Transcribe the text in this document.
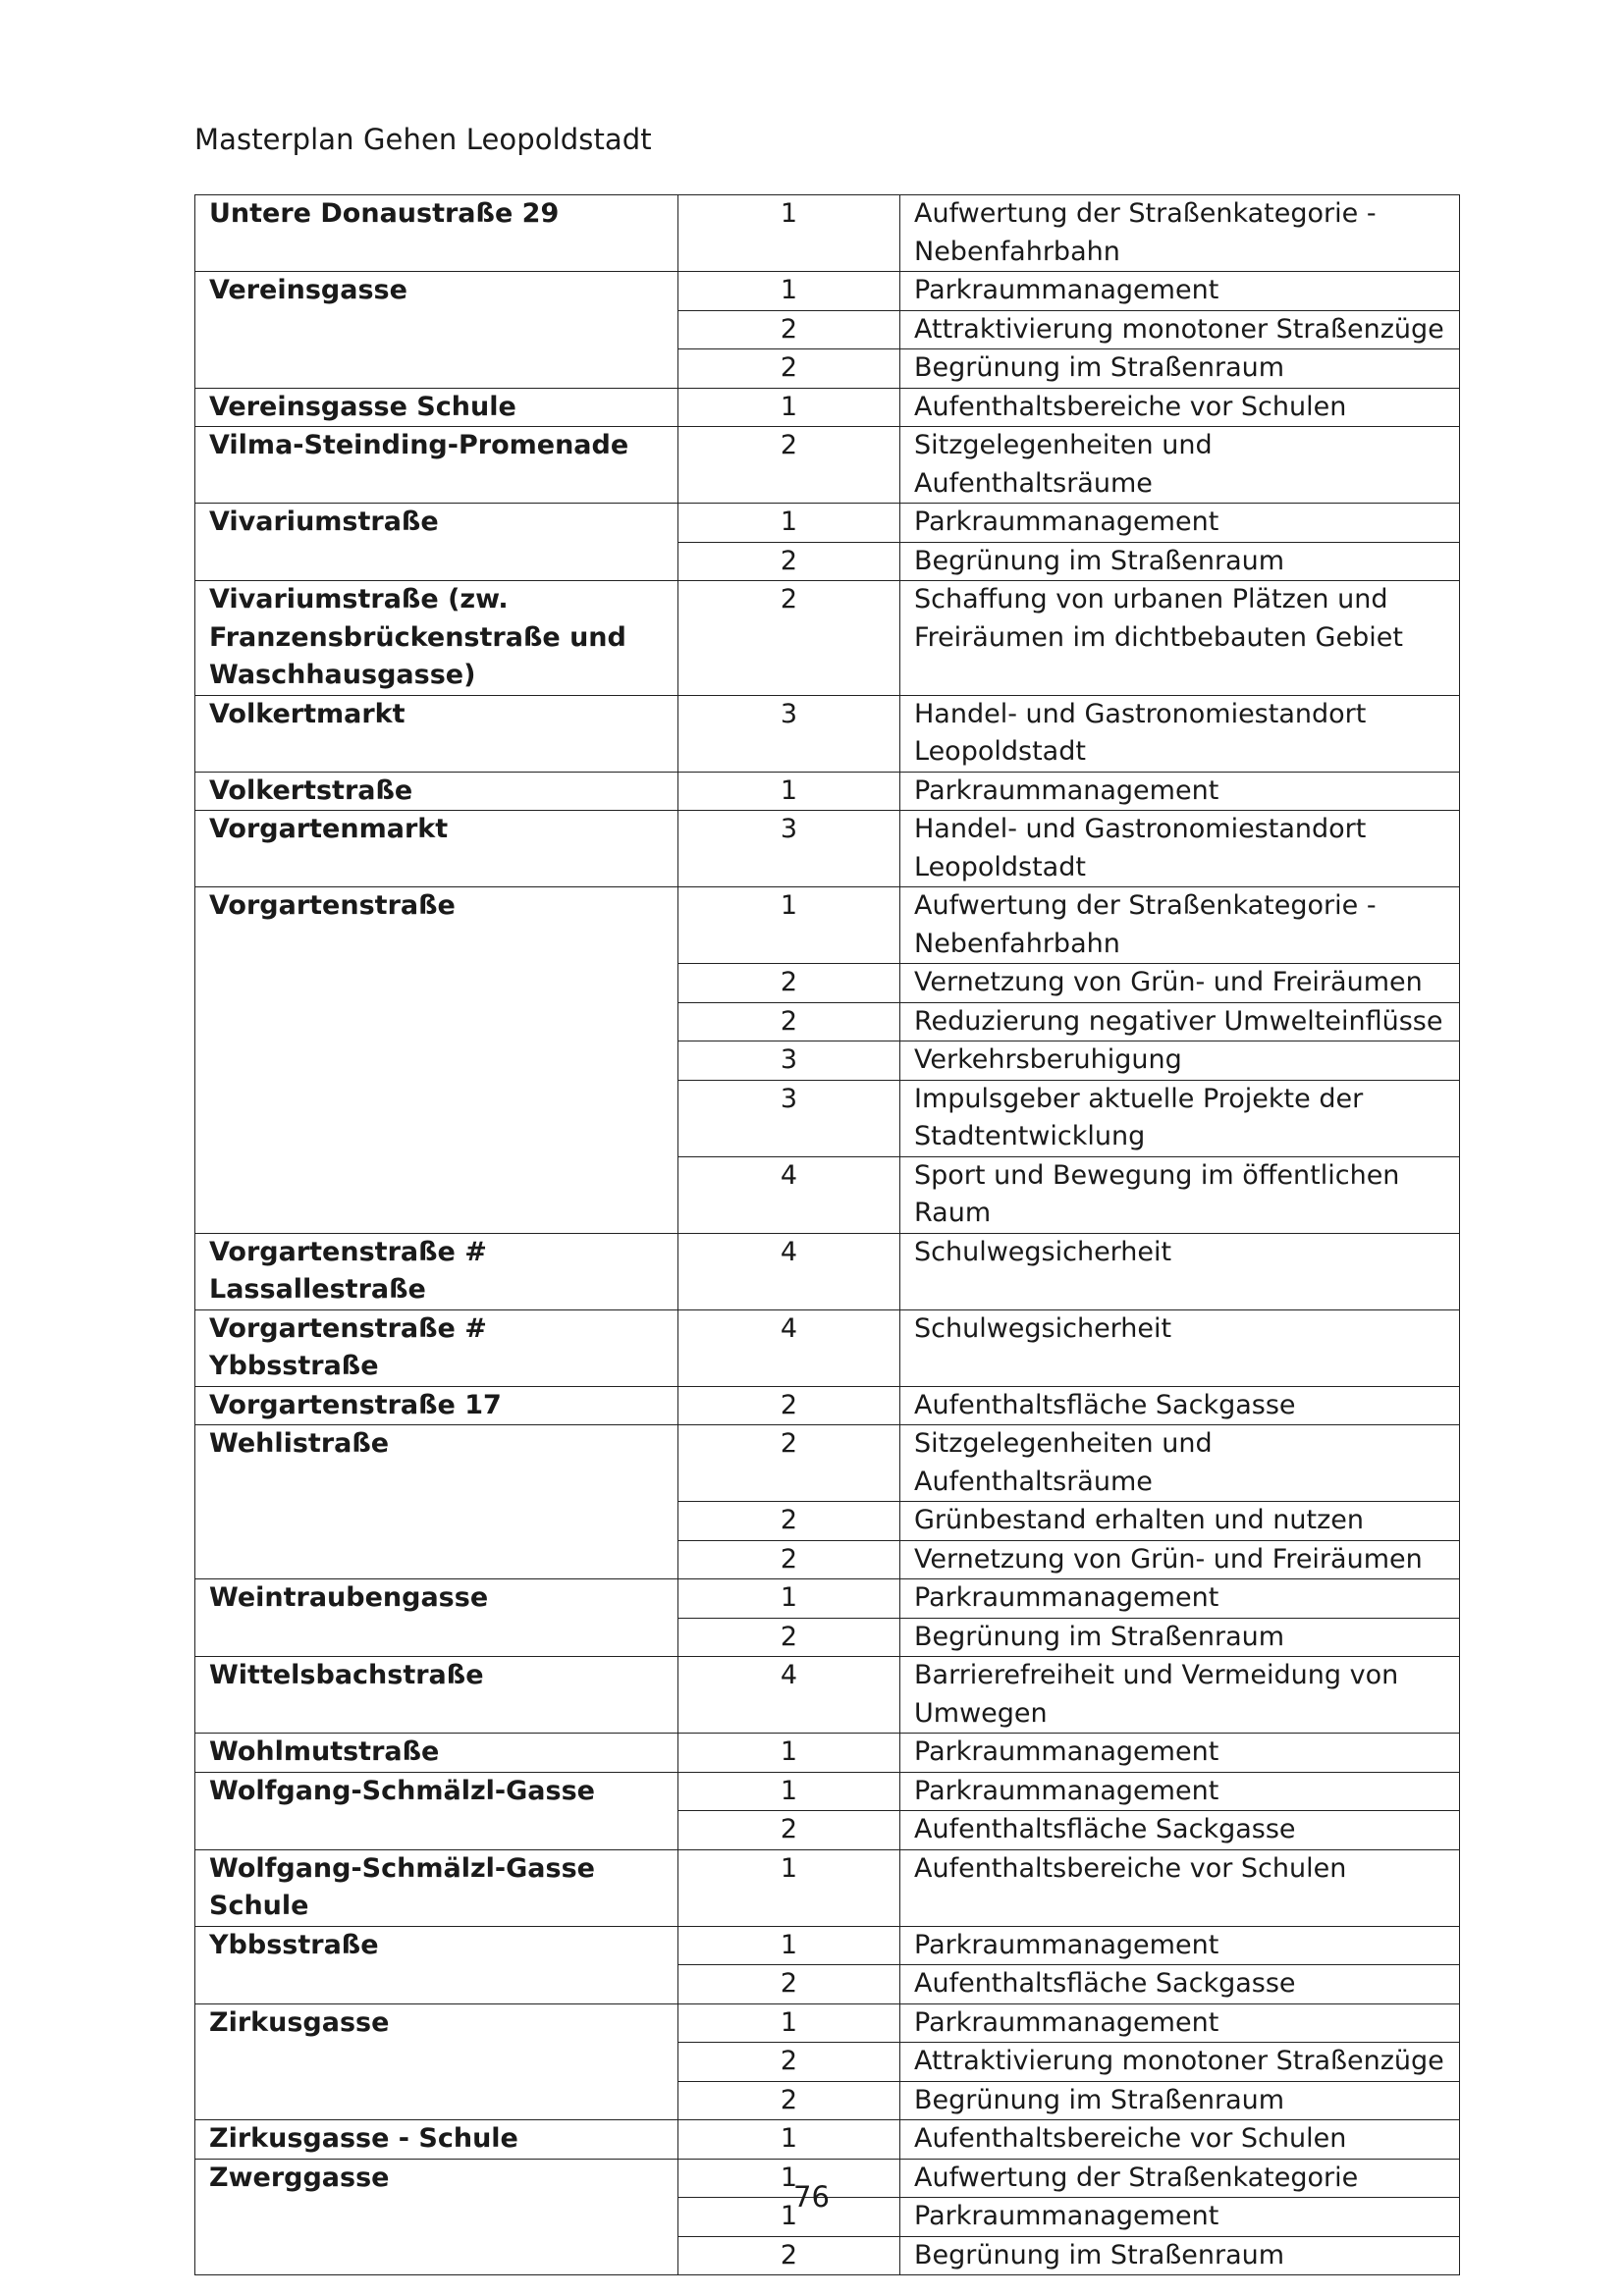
Masterplan Gehen Leopoldstadt
Untere Donaustraße 29	1	Aufwertung der Straßenkategorie - Nebenfahrbahn
Vereinsgasse	1	Parkraummanagement
	2	Attraktivierung monotoner Straßenzüge
	2	Begrünung im Straßenraum
Vereinsgasse Schule	1	Aufenthaltsbereiche vor Schulen
Vilma-Steinding-Promenade	2	Sitzgelegenheiten und Aufenthaltsräume
Vivariumstraße	1	Parkraummanagement
	2	Begrünung im Straßenraum
Vivariumstraße (zw. Franzensbrückenstraße und Waschhausgasse)	2	Schaffung von urbanen Plätzen und Freiräumen im dichtbebauten Gebiet
Volkertmarkt	3	Handel- und Gastronomiestandort Leopoldstadt
Volkertstraße	1	Parkraummanagement
Vorgartenmarkt	3	Handel- und Gastronomiestandort Leopoldstadt
Vorgartenstraße	1	Aufwertung der Straßenkategorie - Nebenfahrbahn
	2	Vernetzung von Grün- und Freiräumen
	2	Reduzierung negativer Umwelteinflüsse
	3	Verkehrsberuhigung
	3	Impulsgeber aktuelle Projekte der Stadtentwicklung
	4	Sport und Bewegung im öffentlichen Raum
Vorgartenstraße # Lassallestraße	4	Schulwegsicherheit
Vorgartenstraße # Ybbsstraße	4	Schulwegsicherheit
Vorgartenstraße 17	2	Aufenthaltsfläche Sackgasse
Wehlistraße	2	Sitzgelegenheiten und Aufenthaltsräume
	2	Grünbestand erhalten und nutzen
	2	Vernetzung von Grün- und Freiräumen
Weintraubengasse	1	Parkraummanagement
	2	Begrünung im Straßenraum
Wittelsbachstraße	4	Barrierefreiheit und Vermeidung von Umwegen
Wohlmutstraße	1	Parkraummanagement
Wolfgang-Schmälzl-Gasse	1	Parkraummanagement
	2	Aufenthaltsfläche Sackgasse
Wolfgang-Schmälzl-Gasse Schule	1	Aufenthaltsbereiche vor Schulen
Ybbsstraße	1	Parkraummanagement
	2	Aufenthaltsfläche Sackgasse
Zirkusgasse	1	Parkraummanagement
	2	Attraktivierung monotoner Straßenzüge
	2	Begrünung im Straßenraum
Zirkusgasse - Schule	1	Aufenthaltsbereiche vor Schulen
Zwerggasse	1	Aufwertung der Straßenkategorie
	1	Parkraummanagement
	2	Begrünung im Straßenraum
76
